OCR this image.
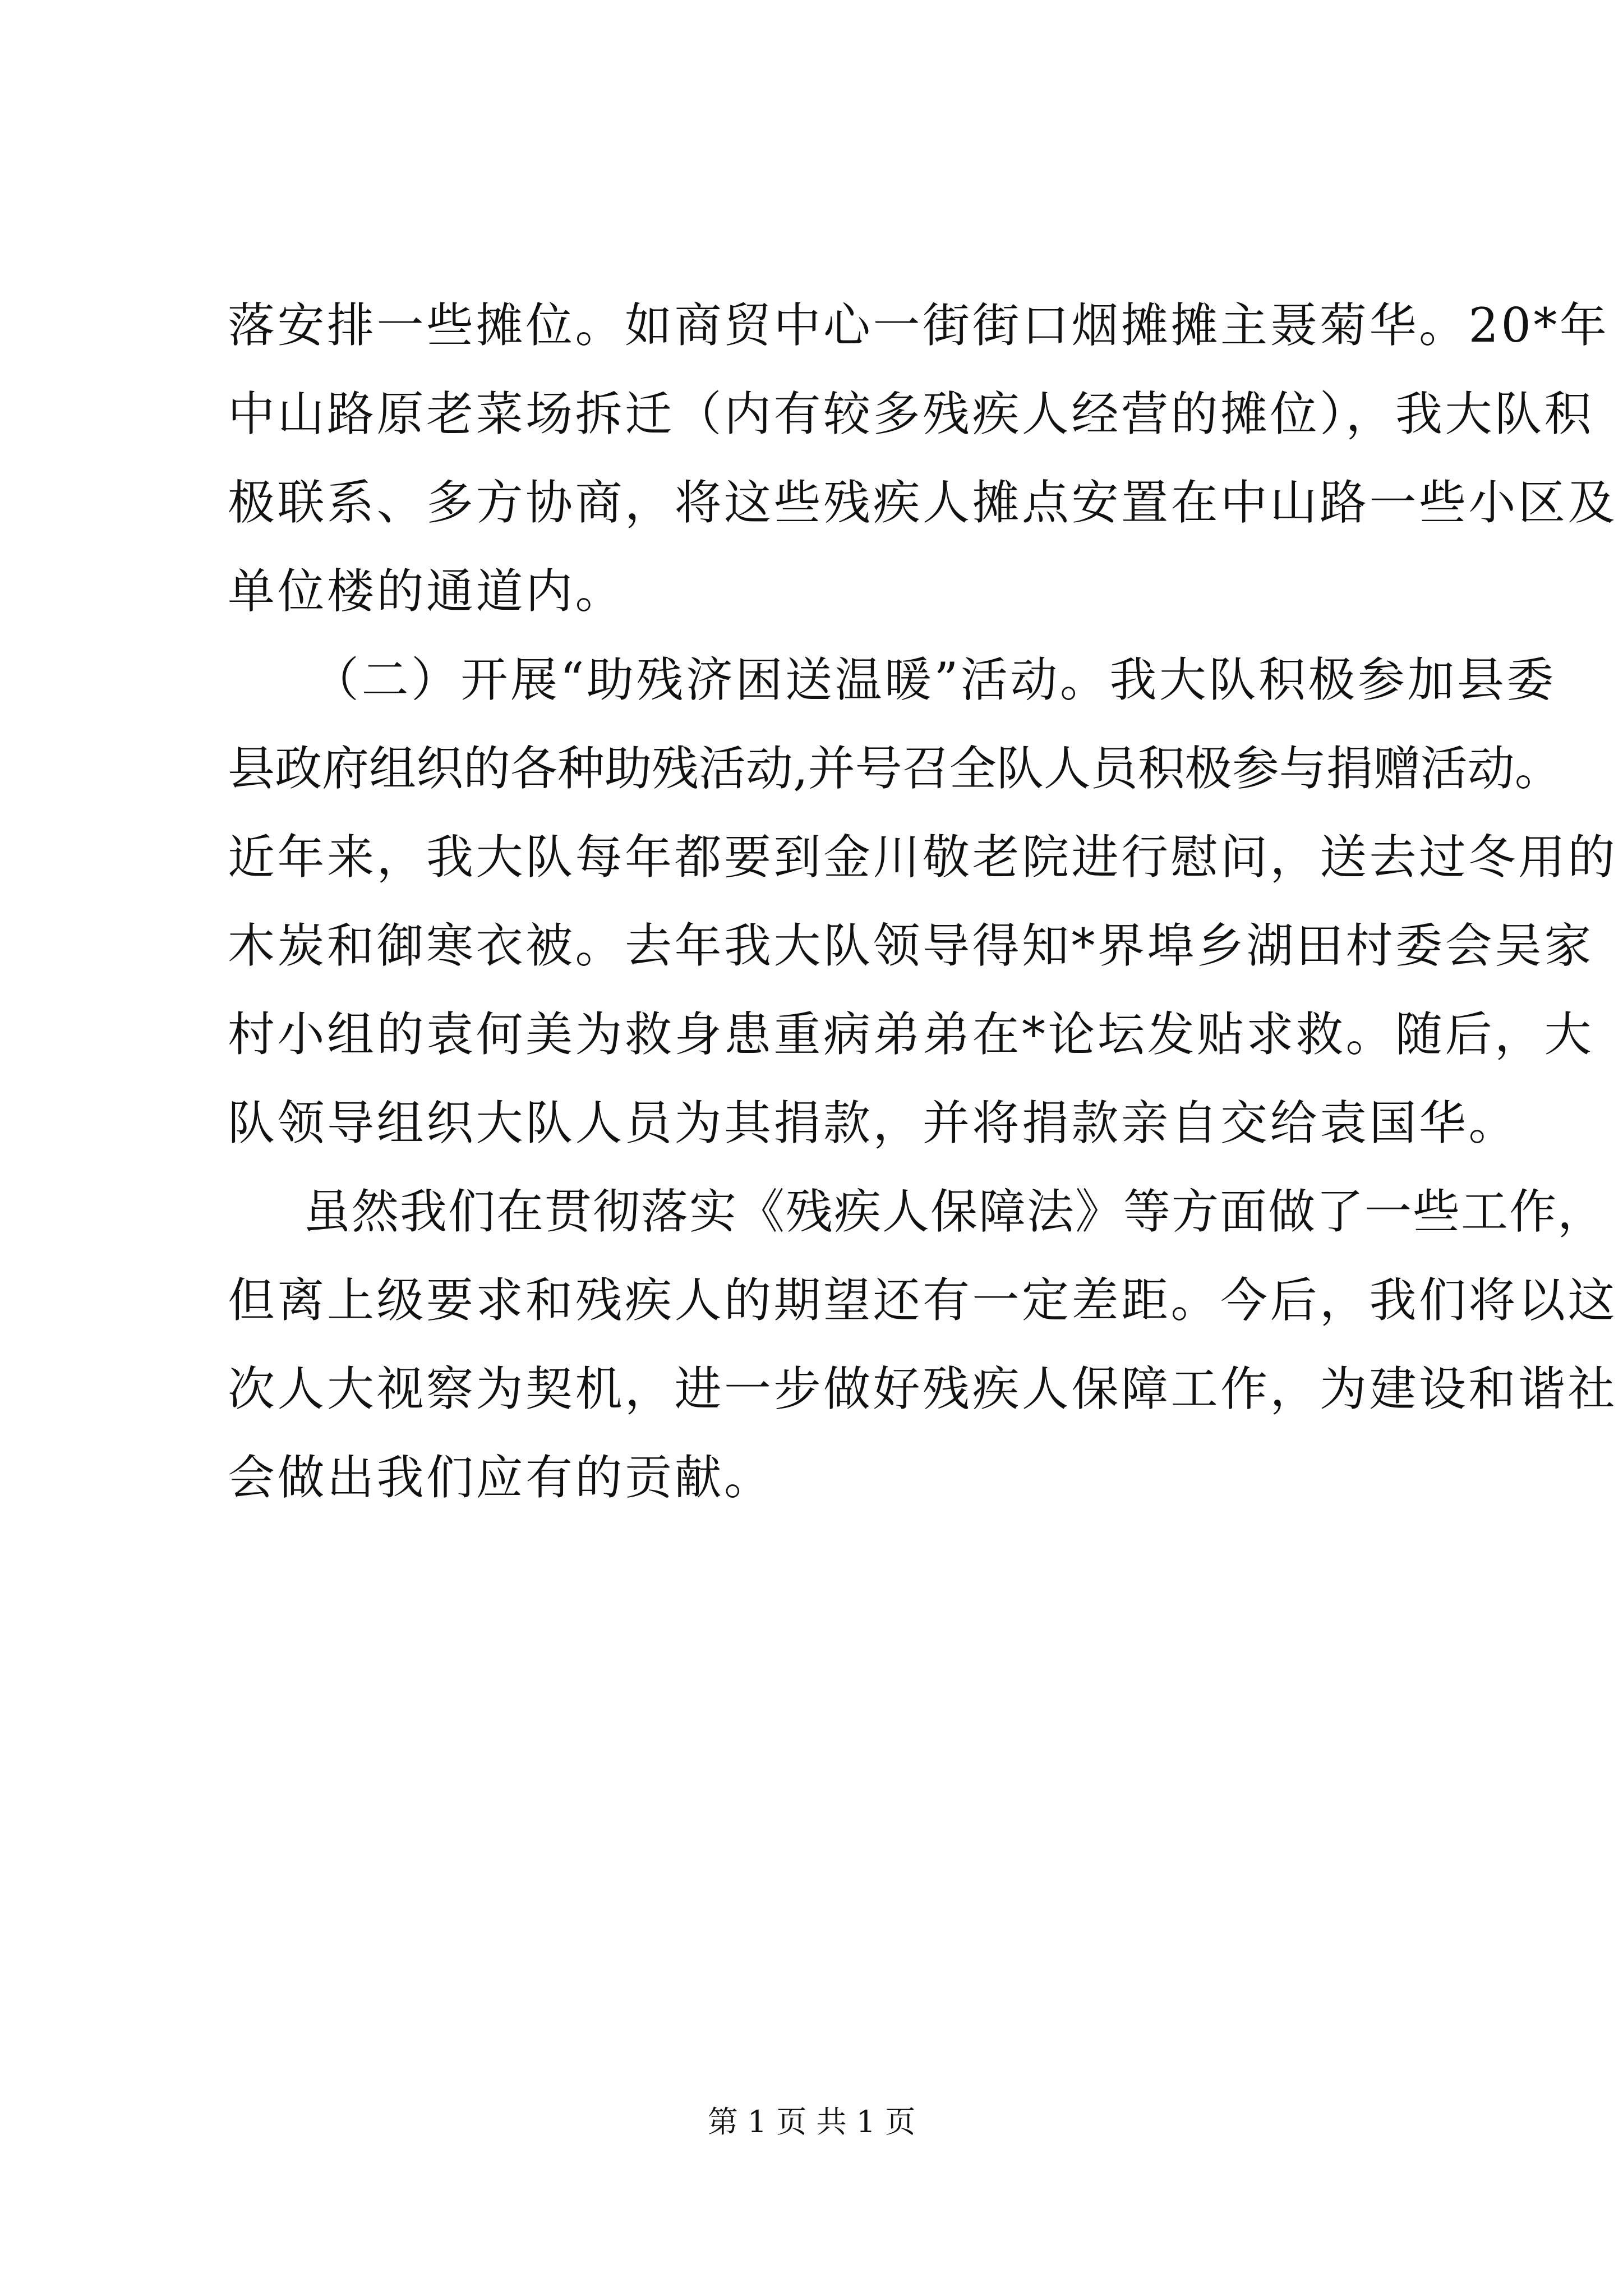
落安排一些摊位。如商贸中心一街街口烟摊摊主聂菊华。20*年
中山路原老菜场拆迁（内有较多残疾人经营的摊位），我大队积
极联系、多方协商，将这些残疾人摊点安置在中山路一些小区及
单位楼的通道内。
（二）开展“助残济困送温暖”活动。我大队积极参加县委
县政府组织的各种助残活动,并号召全队人员积极参与捐赠活动。
近年来，我大队每年都要到金川敬老院进行慰问，送去过冬用的
木炭和御寒衣被。去年我大队领导得知*界埠乡湖田村委会吴家
村小组的袁何美为救身患重病弟弟在*论坛发贴求救。随后，大
队领导组织大队人员为其捐款，并将捐款亲自交给袁国华。
虽然我们在贯彻落实《残疾人保障法》等方面做了一些工作，
但离上级要求和残疾人的期望还有一定差距。今后，我们将以这
次人大视察为契机，进一步做好残疾人保障工作，为建设和谐社
会做出我们应有的贡献。
第 1 页 共 1 页
